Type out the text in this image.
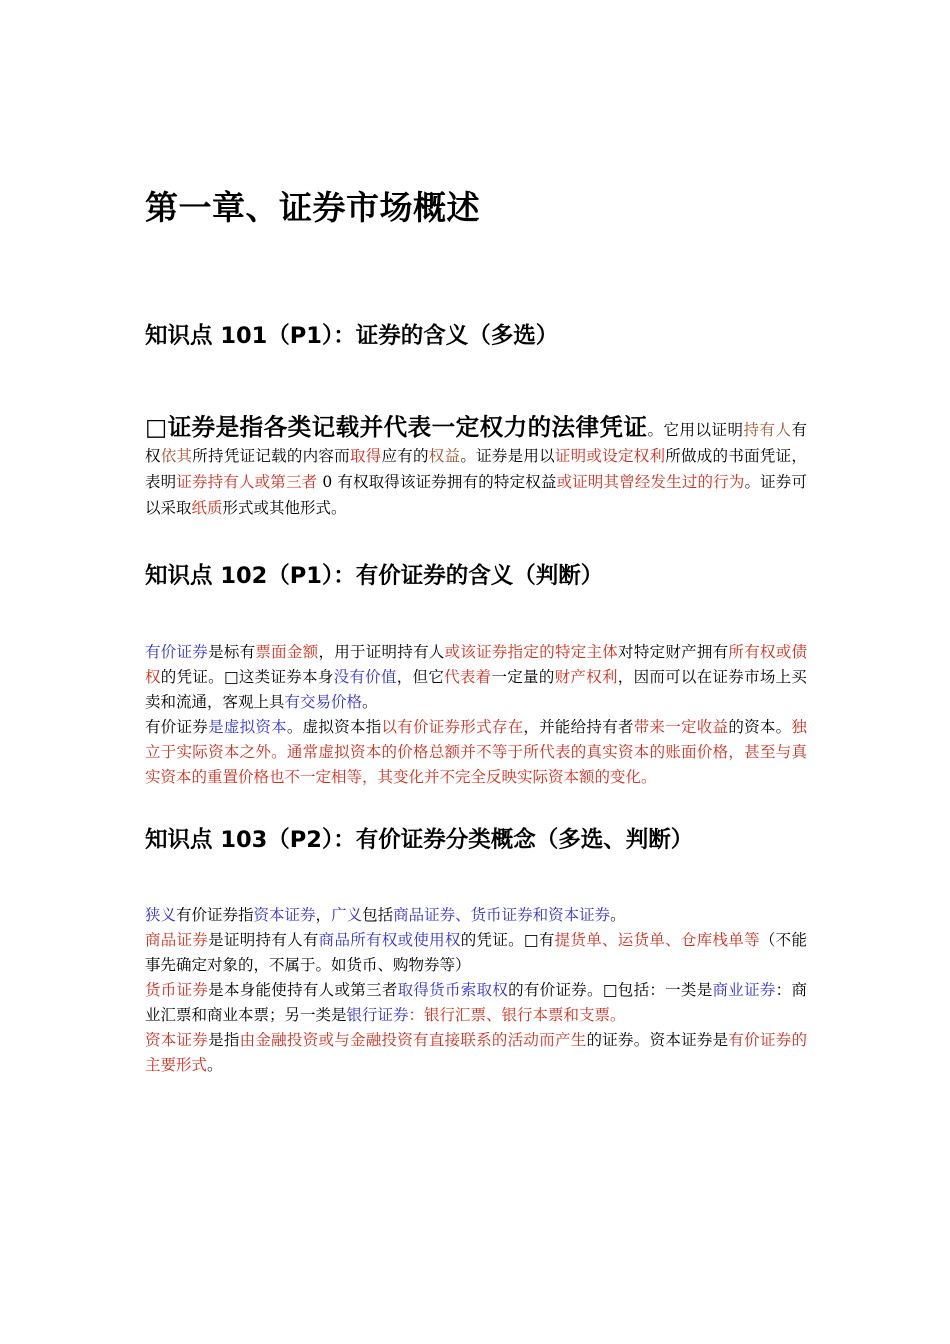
第一章、证券市场概述
知识点 101（P1）：证券的含义（多选）

□证券是指各类记载并代表一定权力的法律凭证。它用以证明持有人有权依其所持凭证记载的内容而取得应有的权益。证券是用以证明或设定权利所做成的书面凭证，表明证券持有人或第三者 0 有权取得该证券拥有的特定权益或证明其曾经发生过的行为。证券可以采取纸质形式或其他形式。

知识点 102（P1）：有价证券的含义（判断）

有价证券是标有票面金额，用于证明持有人或该证券指定的特定主体对特定财产拥有所有权或债权的凭证。□这类证券本身没有价值，但它代表着一定量的财产权利，因而可以在证券市场上买卖和流通，客观上具有交易价格。

有价证券是虚拟资本。虚拟资本指以有价证券形式存在，并能给持有者带来一定收益的资本。独立于实际资本之外。通常虚拟资本的价格总额并不等于所代表的真实资本的账面价格，甚至与真实资本的重置价格也不一定相等，其变化并不完全反映实际资本额的变化。

知识点 103（P2）：有价证券分类概念（多选、判断）

狭义有价证券指资本证券，广义包括商品证券、货币证券和资本证券。

商品证券是证明持有人有商品所有权或使用权的凭证。□有提货单、运货单、仓库栈单等（不能事先确定对象的，不属于。如货币、购物券等）

货币证券是本身能使持有人或第三者取得货币索取权的有价证券。□包括：一类是商业证券：商业汇票和商业本票；另一类是银行证券：银行汇票、银行本票和支票。

资本证券是指由金融投资或与金融投资有直接联系的活动而产生的证券。资本证券是有价证券的主要形式。
